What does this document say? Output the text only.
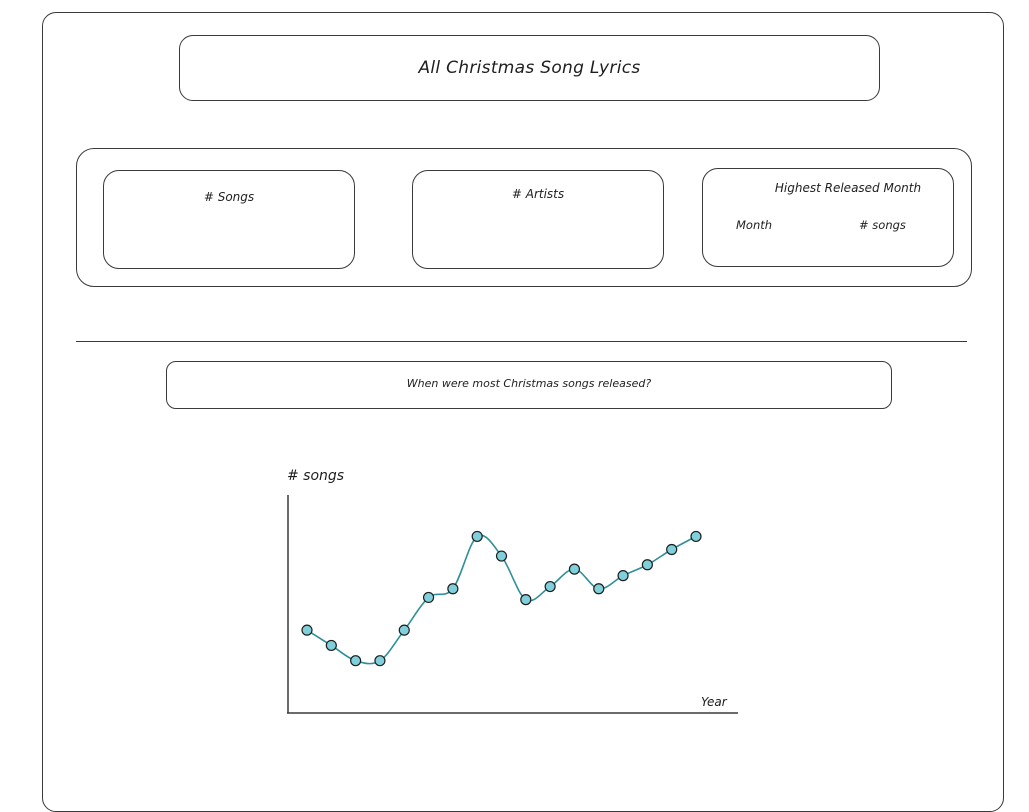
All Christmas Song Lyrics
# Songs	# Artists	Highest Released Month
Month	# songs
When were most Christmas songs released?
# songs
Year
